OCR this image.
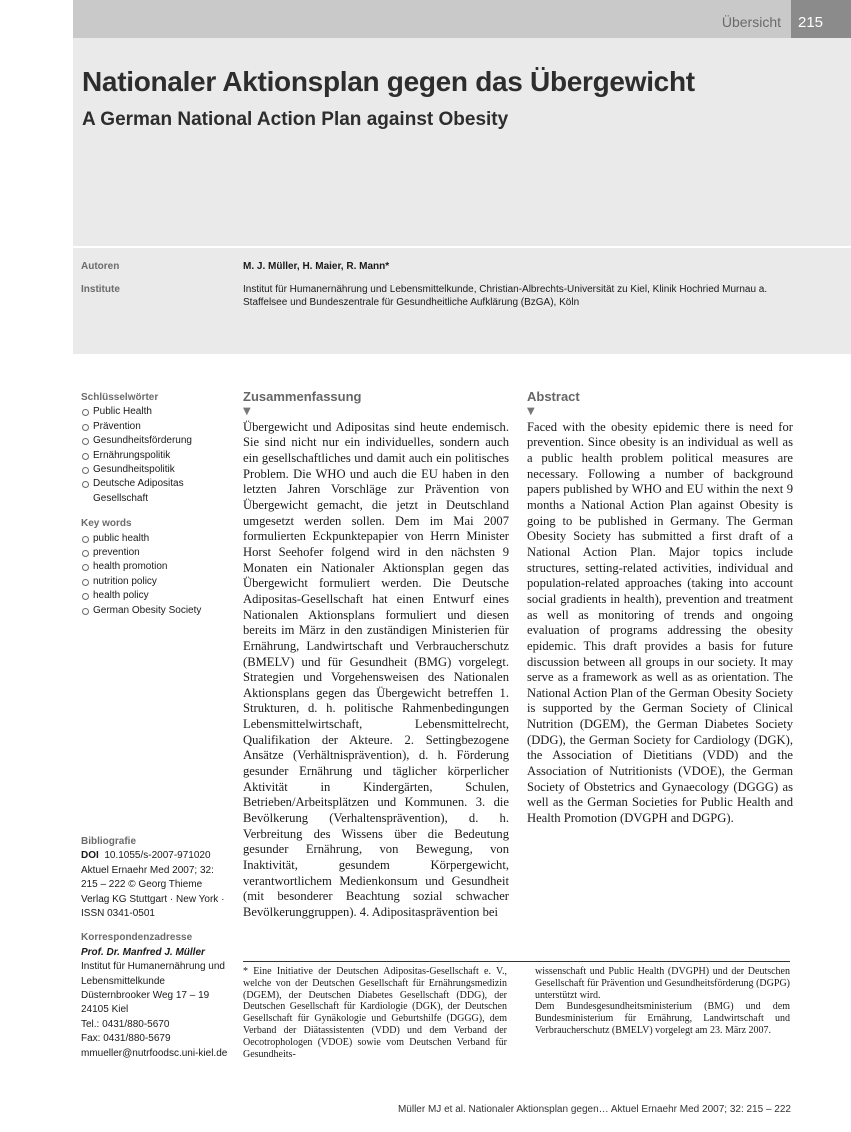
Übersicht	215
Nationaler Aktionsplan gegen das Übergewicht
A German National Action Plan against Obesity
Autoren	M. J. Müller, H. Maier, R. Mann*
Institute	Institut für Humanernährung und Lebensmittelkunde, Christian-Albrechts-Universität zu Kiel, Klinik Hochried Murnau a. Staffelsee und Bundeszentrale für Gesundheitliche Aufklärung (BzGA), Köln
Schlüsselwörter
Public Health
Prävention
Gesundheitsförderung
Ernährungspolitik
Gesundheitspolitik
Deutsche Adipositas Gesellschaft
Key words
public health
prevention
health promotion
nutrition policy
health policy
German Obesity Society
Bibliografie
DOI 10.1055/s-2007-971020
Aktuel Ernaehr Med 2007; 32: 215 – 222 © Georg Thieme Verlag KG Stuttgart · New York · ISSN 0341-0501
Korrespondenzadresse
Prof. Dr. Manfred J. Müller
Institut für Humanernährung und Lebensmittelkunde
Düsternbrooker Weg 17 – 19
24105 Kiel
Tel.: 0431/880-5670
Fax: 0431/880-5679
mmueller@nutrfoodsc.uni-kiel.de
Zusammenfassung
▼

Übergewicht und Adipositas sind heute endemisch. Sie sind nicht nur ein individuelles, sondern auch ein gesellschaftliches und damit auch ein politisches Problem. Die WHO und auch die EU haben in den letzten Jahren Vorschläge zur Prävention von Übergewicht gemacht, die jetzt in Deutschland umgesetzt werden sollen. Dem im Mai 2007 formulierten Eckpunktepapier von Herrn Minister Horst Seehofer folgend wird in den nächsten 9 Monaten ein Nationaler Aktionsplan gegen das Übergewicht formuliert werden. Die Deutsche Adipositas-Gesellschaft hat einen Entwurf eines Nationalen Aktionsplans formuliert und diesen bereits im März in den zuständigen Ministerien für Ernährung, Landwirtschaft und Verbraucherschutz (BMELV) und für Gesundheit (BMG) vorgelegt. Strategien und Vorgehensweisen des Nationalen Aktionsplans gegen das Übergewicht betreffen 1. Strukturen, d. h. politische Rahmenbedingungen Lebensmittelwirtschaft, Lebensmittelrecht, Qualifikation der Akteure. 2. Settingbezogene Ansätze (Verhältnisprävention), d. h. Förderung gesunder Ernährung und täglicher körperlicher Aktivität in Kindergärten, Schulen, Betrieben/Arbeitsplätzen und Kommunen. 3. die Bevölkerung (Verhaltensprävention), d. h. Verbreitung des Wissens über die Bedeutung gesunder Ernährung, von Bewegung, von Inaktivität, gesundem Körpergewicht, verantwortlichem Medienkonsum und Gesundheit (mit besonderer Beachtung sozial schwacher Bevölkerunggruppen). 4. Adipositasprävention bei

Abstract
▼

Faced with the obesity epidemic there is need for prevention. Since obesity is an individual as well as a public health problem political measures are necessary. Following a number of background papers published by WHO and EU within the next 9 months a National Action Plan against Obesity is going to be published in Germany. The German Obesity Society has submitted a first draft of a National Action Plan. Major topics include structures, setting-related activities, individual and population-related approaches (taking into account social gradients in health), prevention and treatment as well as monitoring of trends and ongoing evaluation of programs addressing the obesity epidemic. This draft provides a basis for future discussion between all groups in our society. It may serve as a framework as well as as orientation. The National Action Plan of the German Obesity Society is supported by the German Society of Clinical Nutrition (DGEM), the German Diabetes Society (DDG), the German Society for Cardiology (DGK), the Association of Dietitians (VDD) and the Association of Nutritionists (VDOE), the German Society of Obstetrics and Gynaecology (DGGG) as well as the German Societies for Public Health and Health Promotion (DVGPH and DGPG).

* Eine Initiative der Deutschen Adipositas-Gesellschaft e. V., welche von der Deutschen Gesellschaft für Ernährungsmedizin (DGEM), der Deutschen Diabetes Gesellschaft (DDG), der Deutschen Gesellschaft für Kardiologie (DGK), der Deutschen Gesellschaft für Gynäkologie und Geburtshilfe (DGGG), dem Verband der Diätassistenten (VDD) und dem Verband der Oecotrophologen (VDOE) sowie vom Deutschen Verband für Gesundheits-
wissenschaft und Public Health (DVGPH) und der Deutschen Gesellschaft für Prävention und Gesundheitsförderung (DGPG) unterstützt wird.
Dem Bundesgesundheitsministerium (BMG) und dem Bundesministerium für Ernährung, Landwirtschaft und Verbraucherschutz (BMELV) vorgelegt am 23. März 2007.
Müller MJ et al. Nationaler Aktionsplan gegen… Aktuel Ernaehr Med 2007; 32: 215 – 222
